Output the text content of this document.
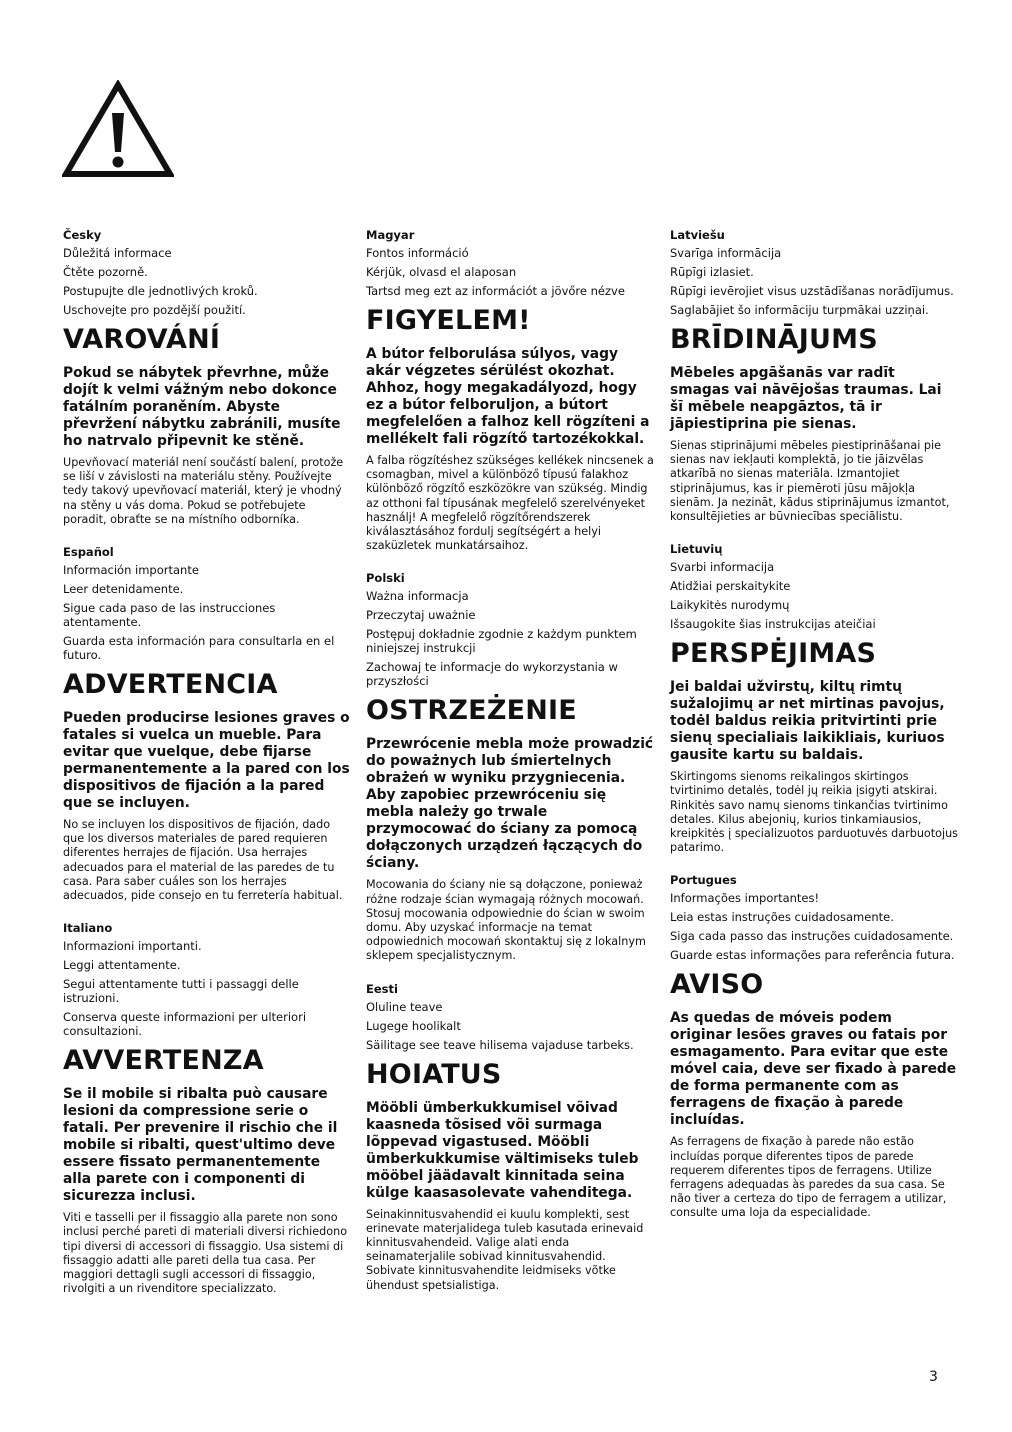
Česky
Důležitá informace
Čtěte pozorně.
Postupujte dle jednotlivých kroků.
Uschovejte pro pozdější použití.
VAROVÁNÍ
Pokud se nábytek převrhne, může dojít k velmi vážným nebo dokonce fatálním poraněním. Abyste převržení nábytku zabránili, musíte ho natrvalo připevnit ke stěně.
Upevňovací materiál není součástí balení, protože se liší v závislosti na materiálu stěny. Používejte tedy takový upevňovací materiál, který je vhodný na stěny u vás doma. Pokud se potřebujete poradit, obraťte se na místního odborníka.
Español
Información importante
Leer detenidamente.
Sigue cada paso de las instrucciones atentamente.
Guarda esta información para consultarla en el futuro.
ADVERTENCIA
Pueden producirse lesiones graves o fatales si vuelca un mueble. Para evitar que vuelque, debe fijarse permanentemente a la pared con los dispositivos de fijación a la pared que se incluyen.
No se incluyen los dispositivos de fijación, dado que los diversos materiales de pared requieren diferentes herrajes de fijación. Usa herrajes adecuados para el material de las paredes de tu casa. Para saber cuáles son los herrajes adecuados, pide consejo en tu ferretería habitual.
Italiano
Informazioni importanti.
Leggi attentamente.
Segui attentamente tutti i passaggi delle istruzioni.
Conserva queste informazioni per ulteriori consultazioni.
AVVERTENZA
Se il mobile si ribalta può causare lesioni da compressione serie o fatali. Per prevenire il rischio che il mobile si ribalti, quest'ultimo deve essere fissato permanentemente alla parete con i componenti di sicurezza inclusi.
Viti e tasselli per il fissaggio alla parete non sono inclusi perché pareti di materiali diversi richiedono tipi diversi di accessori di fissaggio. Usa sistemi di fissaggio adatti alle pareti della tua casa. Per maggiori dettagli sugli accessori di fissaggio, rivolgiti a un rivenditore specializzato.
Magyar
Fontos információ
Kérjük, olvasd el alaposan
Tartsd meg ezt az információt a jövőre nézve
FIGYELEM!
A bútor felborulása súlyos, vagy akár végzetes sérülést okozhat. Ahhoz, hogy megakadályozd, hogy ez a bútor felboruljon, a bútort megfelelően a falhoz kell rögzíteni a mellékelt fali rögzítő tartozékokkal.
A falba rögzítéshez szükséges kellékek nincsenek a csomagban, mivel a különböző típusú falakhoz különböző rögzítő eszközökre van szükség. Mindig az otthoni fal típusának megfelelő szerelvényeket használj! A megfelelő rögzítőrendszerek kiválasztásához fordulj segítségért a helyi szaküzletek munkatársaihoz.
Polski
Ważna informacja
Przeczytaj uważnie
Postępuj dokładnie zgodnie z każdym punktem niniejszej instrukcji
Zachowaj te informacje do wykorzystania w przyszłości
OSTRZEŻENIE
Przewrócenie mebla może prowadzić do poważnych lub śmiertelnych obrażeń w wyniku przygniecenia. Aby zapobiec przewróceniu się mebla należy go trwale przymocować do ściany za pomocą dołączonych urządzeń łączących do ściany.
Mocowania do ściany nie są dołączone, ponieważ różne rodzaje ścian wymagają różnych mocowań. Stosuj mocowania odpowiednie do ścian w swoim domu. Aby uzyskać informacje na temat odpowiednich mocowań skontaktuj się z lokalnym sklepem specjalistycznym.
Eesti
Oluline teave
Lugege hoolikalt
Säilitage see teave hilisema vajaduse tarbeks.
HOIATUS
Mööbli ümberkukkumisel võivad kaasneda tõsised või surmaga lõppevad vigastused. Mööbli ümberkukkumise vältimiseks tuleb mööbel jäädavalt kinnitada seina külge kaasasolevate vahenditega.
Seinakinnitusvahendid ei kuulu komplekti, sest erinevate materjalidega tuleb kasutada erinevaid kinnitusvahendeid. Valige alati enda seinamaterjalile sobivad kinnitusvahendid. Sobivate kinnitusvahendite leidmiseks võtke ühendust spetsialistiga.
Latviešu
Svarīga informācija
Rūpīgi izlasiet.
Rūpīgi ievērojiet visus uzstādīšanas norādījumus.
Saglabājiet šo informāciju turpmākai uzziņai.
BRĪDINĀJUMS
Mēbeles apgāšanās var radīt smagas vai nāvējošas traumas. Lai šī mēbele neapgāztos, tā ir jāpiestiprina pie sienas.
Sienas stiprinājumi mēbeles piestiprināšanai pie sienas nav iekļauti komplektā, jo tie jāizvēlas atkarībā no sienas materiāla. Izmantojiet stiprinājumus, kas ir piemēroti jūsu mājokļa sienām. Ja nezināt, kādus stiprinājumus izmantot, konsultējieties ar būvniecības speciālistu.
Lietuvių
Svarbi informacija
Atidžiai perskaitykite
Laikykitės nurodymų
Išsaugokite šias instrukcijas ateičiai
PERSPĖJIMAS
Jei baldai užvirstų, kiltų rimtų sužalojimų ar net mirtinas pavojus, todėl baldus reikia pritvirtinti prie sienų specialiais laikikliais, kuriuos gausite kartu su baldais.
Skirtingoms sienoms reikalingos skirtingos tvirtinimo detalės, todėl jų reikia įsigyti atskirai. Rinkitės savo namų sienoms tinkančias tvirtinimo detales. Kilus abejonių, kurios tinkamiausios, kreipkitės į specializuotos parduotuvės darbuotojus patarimo.
Portugues
Informações importantes!
Leia estas instruções cuidadosamente.
Siga cada passo das instruções cuidadosamente.
Guarde estas informações para referência futura.
AVISO
As quedas de móveis podem originar lesões graves ou fatais por esmagamento. Para evitar que este móvel caia, deve ser fixado à parede de forma permanente com as ferragens de fixação à parede incluídas.
As ferragens de fixação à parede não estão incluídas porque diferentes tipos de parede requerem diferentes tipos de ferragens. Utilize ferragens adequadas às paredes da sua casa. Se não tiver a certeza do tipo de ferragem a utilizar, consulte uma loja da especialidade.
3
